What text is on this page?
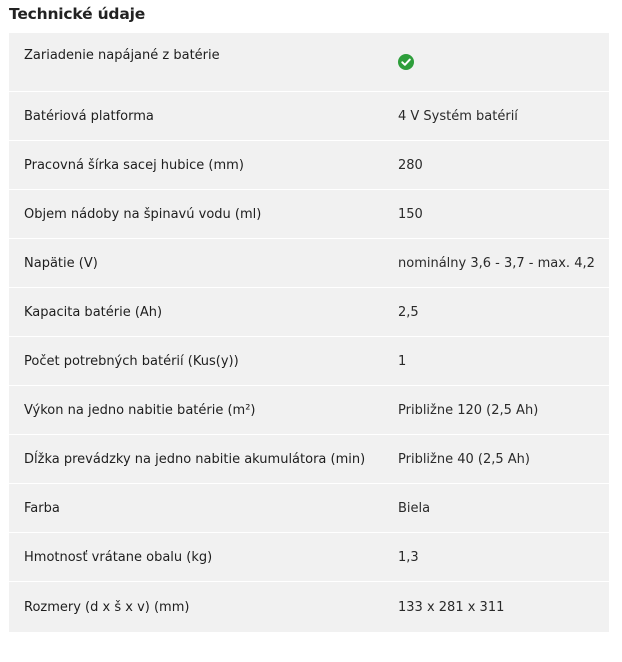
Technické údaje
Zariadenie napájané z batérie
Batériová platforma	4 V Systém batérií
Pracovná šírka sacej hubice (mm)	280
Objem nádoby na špinavú vodu (ml)	150
Napätie (V)	nominálny 3,6 - 3,7 - max. 4,2
Kapacita batérie (Ah)	2,5
Počet potrebných batérií (Kus(y))	1
Výkon na jedno nabitie batérie (m²)	Približne 120 (2,5 Ah)
Dĺžka prevádzky na jedno nabitie akumulátora (min)	Približne 40 (2,5 Ah)
Farba	Biela
Hmotnosť vrátane obalu (kg)	1,3
Rozmery (d x š x v) (mm)	133 x 281 x 311
